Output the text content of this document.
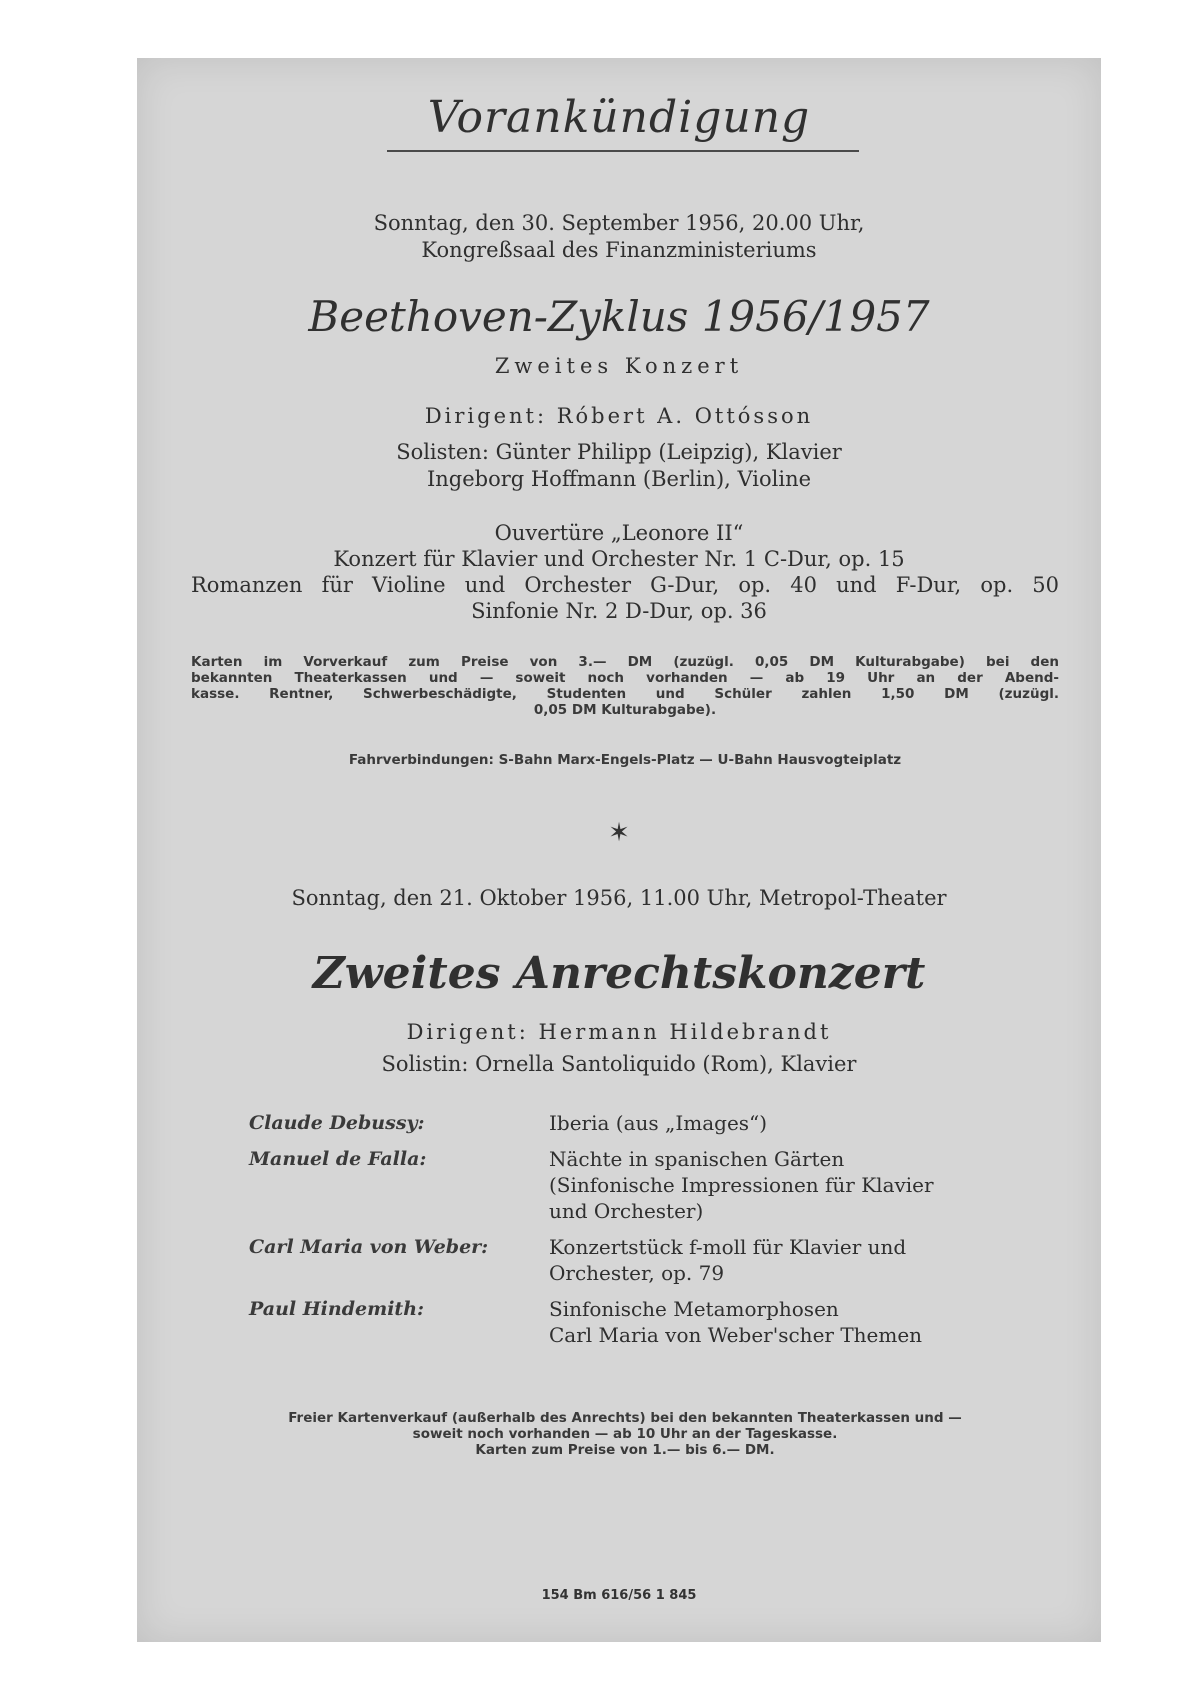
Vorankündigung
Sonntag, den 30. September 1956, 20.00 Uhr,
Kongreßsaal des Finanzministeriums
Beethoven-Zyklus 1956/1957
Zweites Konzert
Dirigent: Róbert A. Ottósson
Solisten: Günter Philipp (Leipzig), Klavier
Ingeborg Hoffmann (Berlin), Violine
Ouvertüre „Leonore II“
Konzert für Klavier und Orchester Nr. 1 C-Dur, op. 15
Romanzen für Violine und Orchester G-Dur, op. 40 und F-Dur, op. 50
Sinfonie Nr. 2 D-Dur, op. 36
Karten im Vorverkauf zum Preise von 3.— DM (zuzügl. 0,05 DM Kulturabgabe) bei den
bekannten Theaterkassen und — soweit noch vorhanden — ab 19 Uhr an der Abend-
kasse. Rentner, Schwerbeschädigte, Studenten und Schüler zahlen 1,50 DM (zuzügl.
0,05 DM Kulturabgabe).
Fahrverbindungen: S-Bahn Marx-Engels-Platz — U-Bahn Hausvogteiplatz
✶
Sonntag, den 21. Oktober 1956, 11.00 Uhr, Metropol-Theater
Zweites Anrechtskonzert
Dirigent: Hermann Hildebrandt
Solistin: Ornella Santoliquido (Rom), Klavier
Claude Debussy:	Iberia (aus „Images“)
Manuel de Falla:	Nächte in spanischen Gärten
(Sinfonische Impressionen für Klavier
und Orchester)
Carl Maria von Weber:	Konzertstück f-moll für Klavier und
Orchester, op. 79
Paul Hindemith:	Sinfonische Metamorphosen
Carl Maria von Weber'scher Themen
Freier Kartenverkauf (außerhalb des Anrechts) bei den bekannten Theaterkassen und —
soweit noch vorhanden — ab 10 Uhr an der Tageskasse.
Karten zum Preise von 1.— bis 6.— DM.
154 Bm 616/56 1 845
